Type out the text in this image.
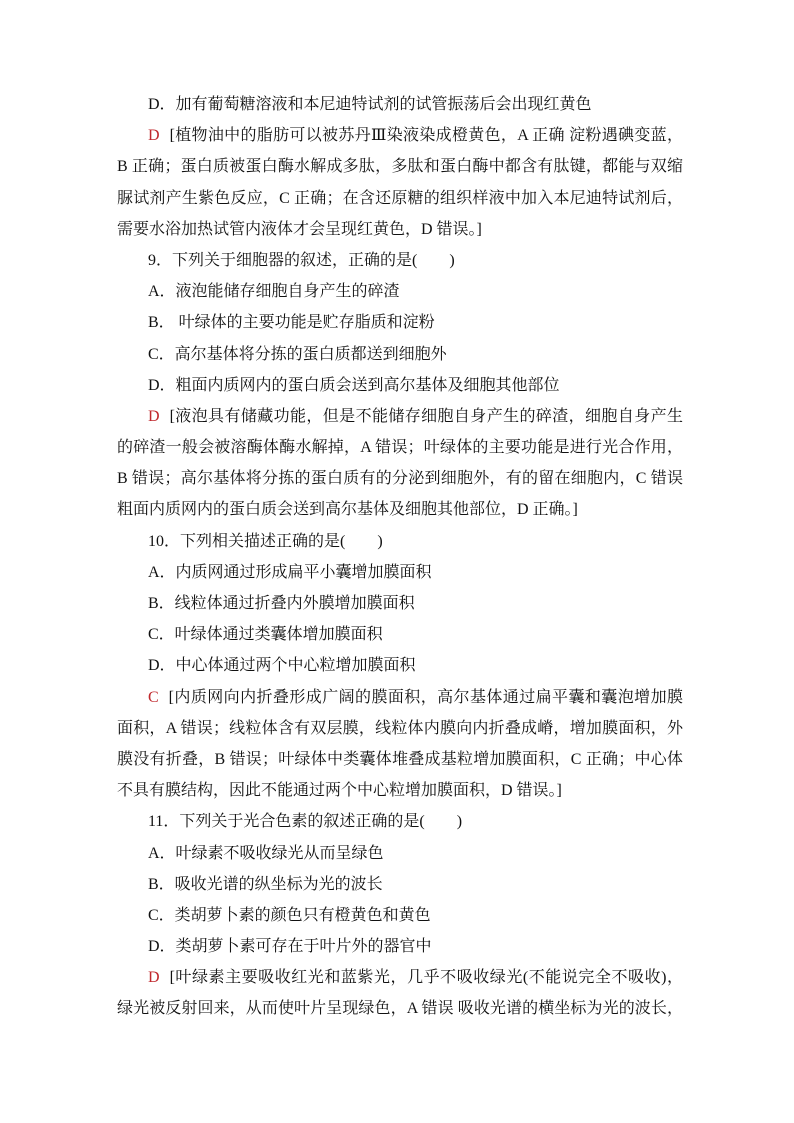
D．加有葡萄糖溶液和本尼迪特试剂的试管振荡后会出现红黄色
D [植物油中的脂肪可以被苏丹Ⅲ染液染成橙黄色，A 正确 淀粉遇碘变蓝，
B 正确；蛋白质被蛋白酶水解成多肽，多肽和蛋白酶中都含有肽键，都能与双缩
脲试剂产生紫色反应，C 正确；在含还原糖的组织样液中加入本尼迪特试剂后，
需要水浴加热试管内液体才会呈现红黄色，D 错误。]
9．下列关于细胞器的叙述，正确的是(　　)
A．液泡能储存细胞自身产生的碎渣
B． 叶绿体的主要功能是贮存脂质和淀粉
C．高尔基体将分拣的蛋白质都送到细胞外
D．粗面内质网内的蛋白质会送到高尔基体及细胞其他部位
D [液泡具有储藏功能，但是不能储存细胞自身产生的碎渣，细胞自身产生
的碎渣一般会被溶酶体酶水解掉，A 错误；叶绿体的主要功能是进行光合作用，
B 错误；高尔基体将分拣的蛋白质有的分泌到细胞外，有的留在细胞内，C 错误
粗面内质网内的蛋白质会送到高尔基体及细胞其他部位，D 正确。]
10．下列相关描述正确的是(　　)
A．内质网通过形成扁平小囊增加膜面积
B．线粒体通过折叠内外膜增加膜面积
C．叶绿体通过类囊体增加膜面积
D．中心体通过两个中心粒增加膜面积
C [内质网向内折叠形成广阔的膜面积，高尔基体通过扁平囊和囊泡增加膜
面积，A 错误；线粒体含有双层膜，线粒体内膜向内折叠成嵴，增加膜面积，外
膜没有折叠，B 错误；叶绿体中类囊体堆叠成基粒增加膜面积，C 正确；中心体
不具有膜结构，因此不能通过两个中心粒增加膜面积，D 错误。]
11．下列关于光合色素的叙述正确的是(　　)
A．叶绿素不吸收绿光从而呈绿色
B．吸收光谱的纵坐标为光的波长
C．类胡萝卜素的颜色只有橙黄色和黄色
D．类胡萝卜素可存在于叶片外的器官中
D [叶绿素主要吸收红光和蓝紫光，几乎不吸收绿光(不能说完全不吸收)，
绿光被反射回来，从而使叶片呈现绿色，A 错误 吸收光谱的横坐标为光的波长，
